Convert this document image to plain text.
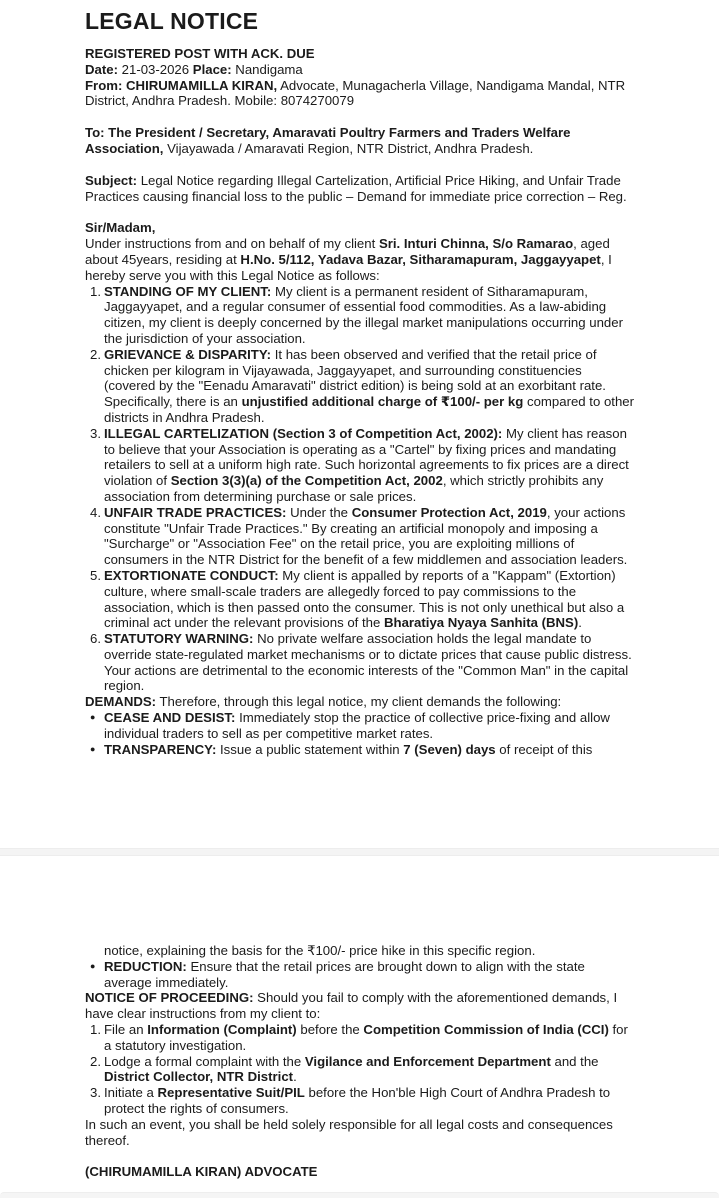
LEGAL NOTICE
REGISTERED POST WITH ACK. DUE
Date: 21-03-2026 Place: Nandigama
From: CHIRUMAMILLA KIRAN, Advocate, Munagacherla Village, Nandigama Mandal, NTR District, Andhra Pradesh. Mobile: 8074270079
To: The President / Secretary, Amaravati Poultry Farmers and Traders Welfare Association, Vijayawada / Amaravati Region, NTR District, Andhra Pradesh.
Subject: Legal Notice regarding Illegal Cartelization, Artificial Price Hiking, and Unfair Trade Practices causing financial loss to the public – Demand for immediate price correction – Reg.
Sir/Madam,
Under instructions from and on behalf of my client Sri. Inturi Chinna, S/o Ramarao, aged about 45years, residing at H.No. 5/112, Yadava Bazar, Sitharamapuram, Jaggayyapet, I hereby serve you with this Legal Notice as follows:
1. STANDING OF MY CLIENT: My client is a permanent resident of Sitharamapuram, Jaggayyapet, and a regular consumer of essential food commodities. As a law-abiding citizen, my client is deeply concerned by the illegal market manipulations occurring under the jurisdiction of your association.
2. GRIEVANCE & DISPARITY: It has been observed and verified that the retail price of chicken per kilogram in Vijayawada, Jaggayyapet, and surrounding constituencies (covered by the "Eenadu Amaravati" district edition) is being sold at an exorbitant rate. Specifically, there is an unjustified additional charge of ₹100/- per kg compared to other districts in Andhra Pradesh.
3. ILLEGAL CARTELIZATION (Section 3 of Competition Act, 2002): My client has reason to believe that your Association is operating as a "Cartel" by fixing prices and mandating retailers to sell at a uniform high rate. Such horizontal agreements to fix prices are a direct violation of Section 3(3)(a) of the Competition Act, 2002, which strictly prohibits any association from determining purchase or sale prices.
4. UNFAIR TRADE PRACTICES: Under the Consumer Protection Act, 2019, your actions constitute "Unfair Trade Practices." By creating an artificial monopoly and imposing a "Surcharge" or "Association Fee" on the retail price, you are exploiting millions of consumers in the NTR District for the benefit of a few middlemen and association leaders.
5. EXTORTIONATE CONDUCT: My client is appalled by reports of a "Kappam" (Extortion) culture, where small-scale traders are allegedly forced to pay commissions to the association, which is then passed onto the consumer. This is not only unethical but also a criminal act under the relevant provisions of the Bharatiya Nyaya Sanhita (BNS).
6. STATUTORY WARNING: No private welfare association holds the legal mandate to override state-regulated market mechanisms or to dictate prices that cause public distress. Your actions are detrimental to the economic interests of the "Common Man" in the capital region.
DEMANDS: Therefore, through this legal notice, my client demands the following:
● CEASE AND DESIST: Immediately stop the practice of collective price-fixing and allow individual traders to sell as per competitive market rates.
● TRANSPARENCY: Issue a public statement within 7 (Seven) days of receipt of this
notice, explaining the basis for the ₹100/- price hike in this specific region.
● REDUCTION: Ensure that the retail prices are brought down to align with the state average immediately.
NOTICE OF PROCEEDING: Should you fail to comply with the aforementioned demands, I have clear instructions from my client to:
1. File an Information (Complaint) before the Competition Commission of India (CCI) for a statutory investigation.
2. Lodge a formal complaint with the Vigilance and Enforcement Department and the District Collector, NTR District.
3. Initiate a Representative Suit/PIL before the Hon'ble High Court of Andhra Pradesh to protect the rights of consumers.
In such an event, you shall be held solely responsible for all legal costs and consequences thereof.
(CHIRUMAMILLA KIRAN) ADVOCATE
